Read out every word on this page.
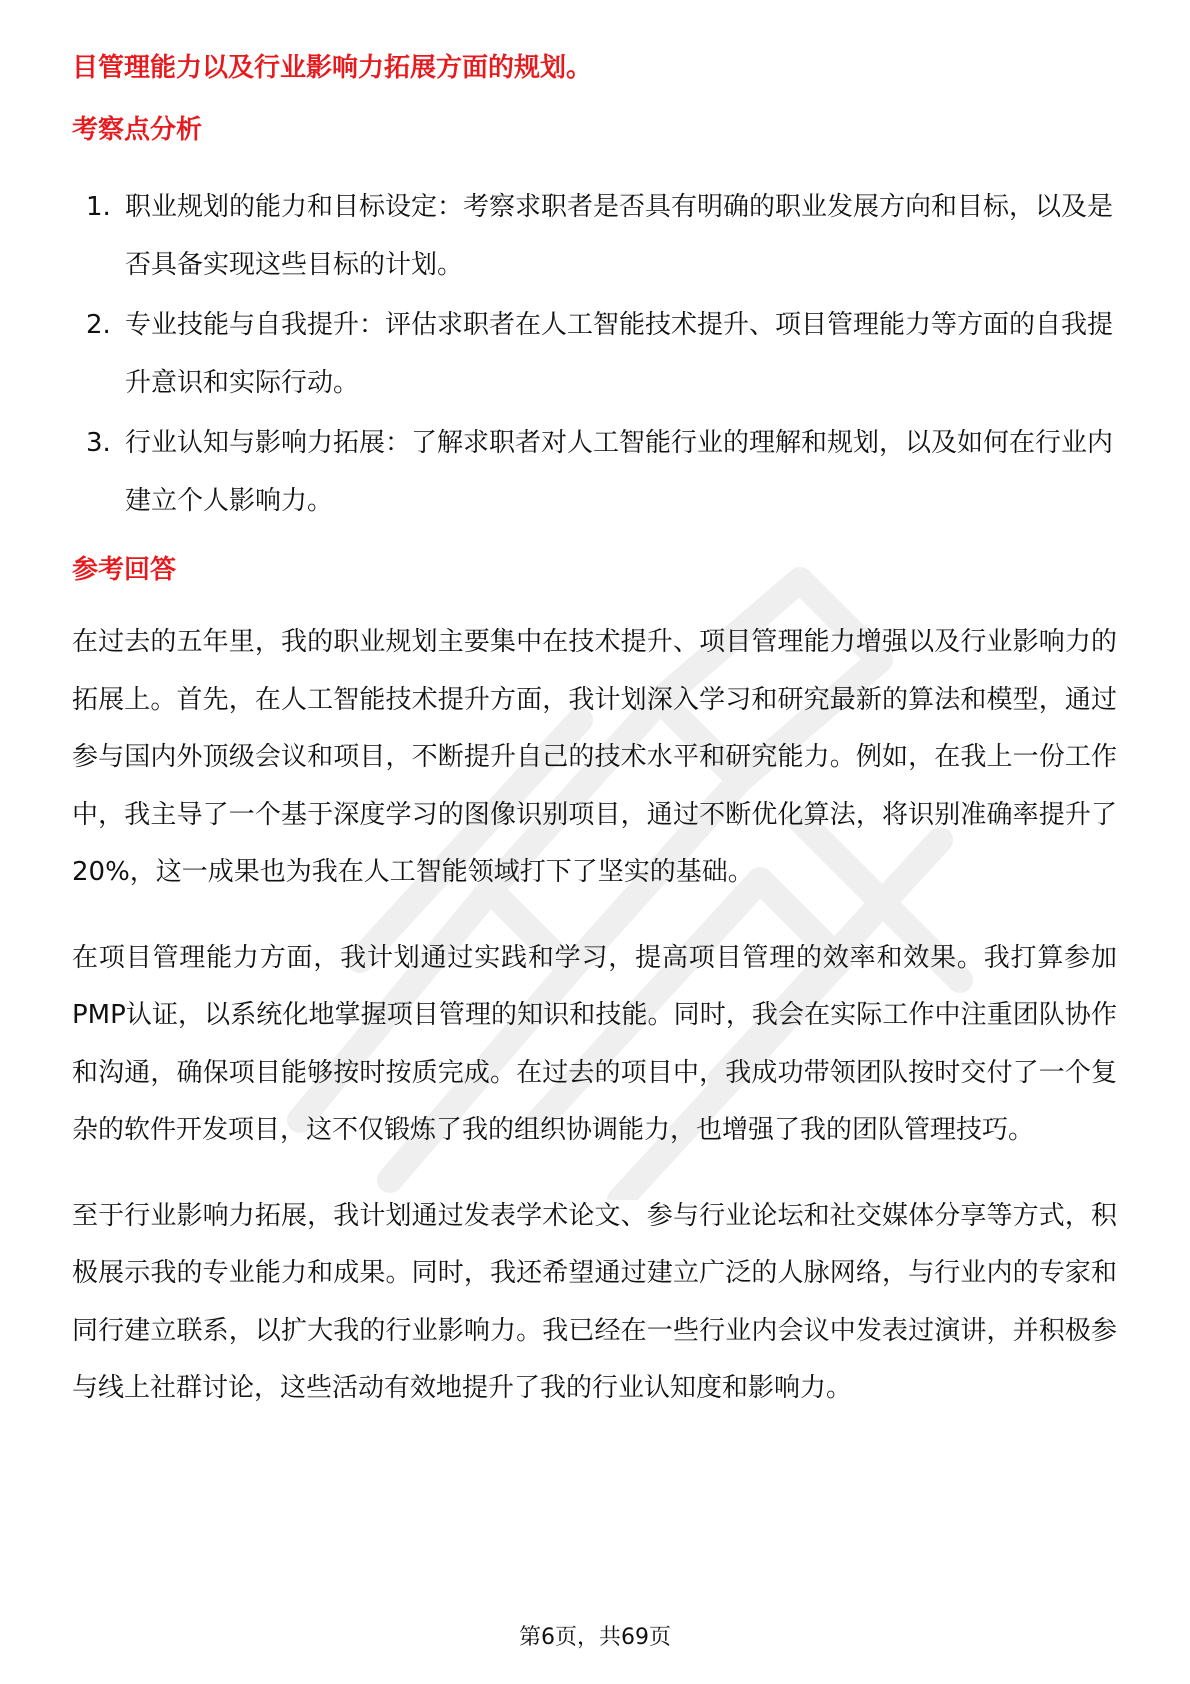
目管理能力以及行业影响力拓展方面的规划。

考察点分析
1. 职业规划的能力和目标设定：考察求职者是否具有明确的职业发展方向和目标，以及是否具备实现这些目标的计划。
2. 专业技能与自我提升：评估求职者在人工智能技术提升、项目管理能力等方面的自我提升意识和实际行动。
3. 行业认知与影响力拓展：了解求职者对人工智能行业的理解和规划，以及如何在行业内建立个人影响力。
参考回答

在过去的五年里，我的职业规划主要集中在技术提升、项目管理能力增强以及行业影响力的拓展上。首先，在人工智能技术提升方面，我计划深入学习和研究最新的算法和模型，通过参与国内外顶级会议和项目，不断提升自己的技术水平和研究能力。例如，在我上一份工作中，我主导了一个基于深度学习的图像识别项目，通过不断优化算法，将识别准确率提升了20%，这一成果也为我在人工智能领域打下了坚实的基础。

在项目管理能力方面，我计划通过实践和学习，提高项目管理的效率和效果。我打算参加PMP认证，以系统化地掌握项目管理的知识和技能。同时，我会在实际工作中注重团队协作和沟通，确保项目能够按时按质完成。在过去的项目中，我成功带领团队按时交付了一个复杂的软件开发项目，这不仅锻炼了我的组织协调能力，也增强了我的团队管理技巧。

至于行业影响力拓展，我计划通过发表学术论文、参与行业论坛和社交媒体分享等方式，积极展示我的专业能力和成果。同时，我还希望通过建立广泛的人脉网络，与行业内的专家和同行建立联系，以扩大我的行业影响力。我已经在一些行业内会议中发表过演讲，并积极参与线上社群讨论，这些活动有效地提升了我的行业认知度和影响力。

第6页，共69页
